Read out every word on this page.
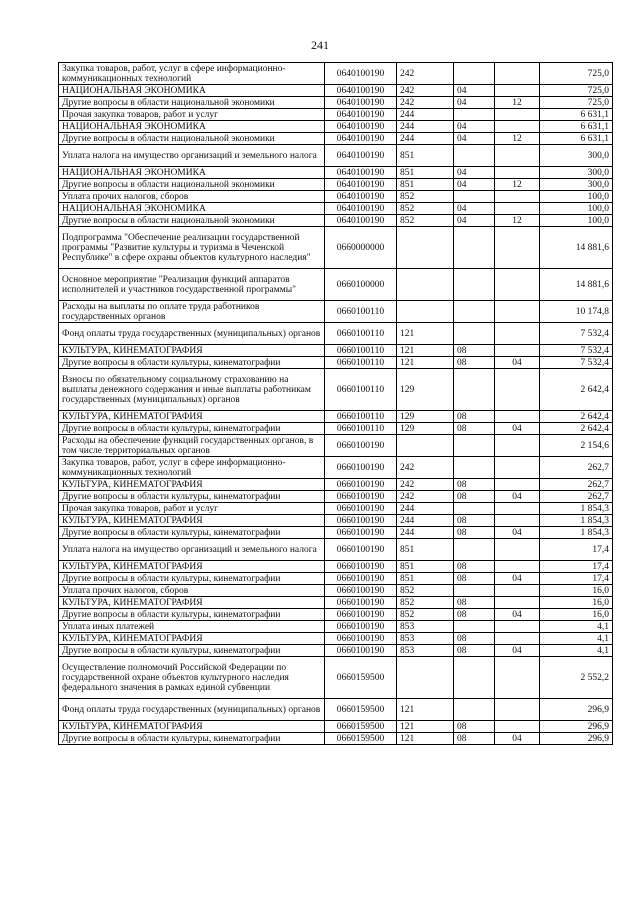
241
Закупка товаров, работ, услуг в сфере информационно-коммуникационных технологий	0640100190	242			725,0
НАЦИОНАЛЬНАЯ ЭКОНОМИКА	0640100190	242	04		725,0
Другие вопросы в области национальной экономики	0640100190	242	04	12	725,0
Прочая закупка товаров, работ и услуг	0640100190	244			6 631,1
НАЦИОНАЛЬНАЯ ЭКОНОМИКА	0640100190	244	04		6 631,1
Другие вопросы в области национальной экономики	0640100190	244	04	12	6 631,1
Уплата налога на имущество организаций и земельного налога	0640100190	851			300,0
НАЦИОНАЛЬНАЯ ЭКОНОМИКА	0640100190	851	04		300,0
Другие вопросы в области национальной экономики	0640100190	851	04	12	300,0
Уплата прочих налогов, сборов	0640100190	852			100,0
НАЦИОНАЛЬНАЯ ЭКОНОМИКА	0640100190	852	04		100,0
Другие вопросы в области национальной экономики	0640100190	852	04	12	100,0
Подпрограмма "Обеспечение реализации государственной программы "Развитие культуры и туризма в Чеченской Республике" в сфере охраны объектов культурного наследия"	0660000000				14 881,6
Основное мероприятие "Реализация функций аппаратов исполнителей и участников государственной программы"	0660100000				14 881,6
Расходы на выплаты по оплате труда работников государственных органов	0660100110				10 174,8
Фонд оплаты труда государственных (муниципальных) органов	0660100110	121			7 532,4
КУЛЬТУРА, КИНЕМАТОГРАФИЯ	0660100110	121	08		7 532,4
Другие вопросы в области культуры, кинематографии	0660100110	121	08	04	7 532,4
Взносы по обязательному социальному страхованию на выплаты денежного содержания и иные выплаты работникам государственных (муниципальных) органов	0660100110	129			2 642,4
КУЛЬТУРА, КИНЕМАТОГРАФИЯ	0660100110	129	08		2 642,4
Другие вопросы в области культуры, кинематографии	0660100110	129	08	04	2 642,4
Расходы на обеспечение функций государственных органов, в том числе территориальных органов	0660100190				2 154,6
Закупка товаров, работ, услуг в сфере информационно-коммуникационных технологий	0660100190	242			262,7
КУЛЬТУРА, КИНЕМАТОГРАФИЯ	0660100190	242	08		262,7
Другие вопросы в области культуры, кинематографии	0660100190	242	08	04	262,7
Прочая закупка товаров, работ и услуг	0660100190	244			1 854,3
КУЛЬТУРА, КИНЕМАТОГРАФИЯ	0660100190	244	08		1 854,3
Другие вопросы в области культуры, кинематографии	0660100190	244	08	04	1 854,3
Уплата налога на имущество организаций и земельного налога	0660100190	851			17,4
КУЛЬТУРА, КИНЕМАТОГРАФИЯ	0660100190	851	08		17,4
Другие вопросы в области культуры, кинематографии	0660100190	851	08	04	17,4
Уплата прочих налогов, сборов	0660100190	852			16,0
КУЛЬТУРА, КИНЕМАТОГРАФИЯ	0660100190	852	08		16,0
Другие вопросы в области культуры, кинематографии	0660100190	852	08	04	16,0
Уплата иных платежей	0660100190	853			4,1
КУЛЬТУРА, КИНЕМАТОГРАФИЯ	0660100190	853	08		4,1
Другие вопросы в области культуры, кинематографии	0660100190	853	08	04	4,1
Осуществление полномочий Российской Федерации по государственной охране объектов культурного наследия федерального значения в рамках единой субвенции	0660159500				2 552,2
Фонд оплаты труда государственных (муниципальных) органов	0660159500	121			296,9
КУЛЬТУРА, КИНЕМАТОГРАФИЯ	0660159500	121	08		296,9
Другие вопросы в области культуры, кинематографии	0660159500	121	08	04	296,9
